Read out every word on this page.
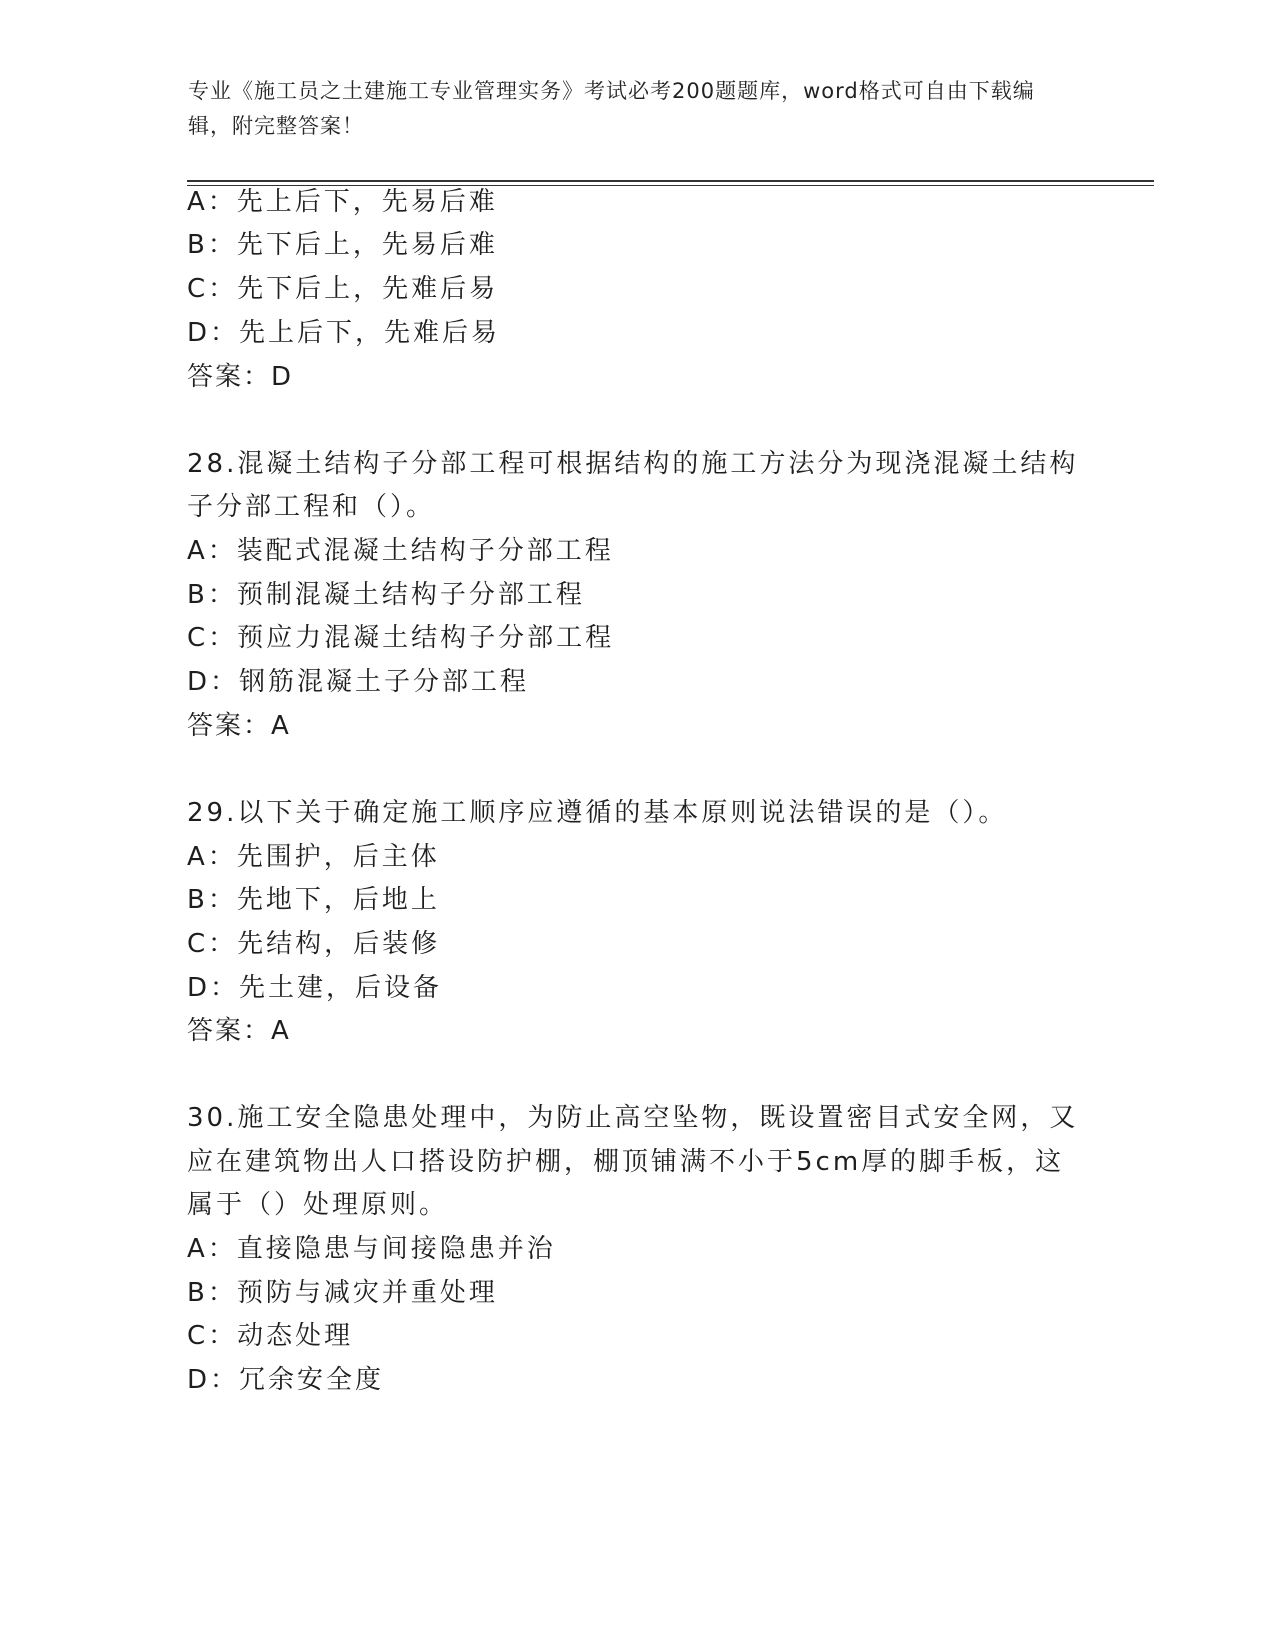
专业《施工员之土建施工专业管理实务》考试必考200题题库，word格式可自由下载编辑，附完整答案！
A：先上后下，先易后难
B：先下后上，先易后难
C：先下后上，先难后易
D：先上后下，先难后易
答案：D
28.混凝土结构子分部工程可根据结构的施工方法分为现浇混凝土结构
子分部工程和（）。
A：装配式混凝土结构子分部工程
B：预制混凝土结构子分部工程
C：预应力混凝土结构子分部工程
D：钢筋混凝土子分部工程
答案：A
29.以下关于确定施工顺序应遵循的基本原则说法错误的是（）。
A：先围护，后主体
B：先地下，后地上
C：先结构，后装修
D：先土建，后设备
答案：A
30.施工安全隐患处理中，为防止高空坠物，既设置密目式安全网，又
应在建筑物出人口搭设防护棚，棚顶铺满不小于5cm厚的脚手板，这
属于（）处理原则。
A：直接隐患与间接隐患并治
B：预防与减灾并重处理
C：动态处理
D：冗余安全度
